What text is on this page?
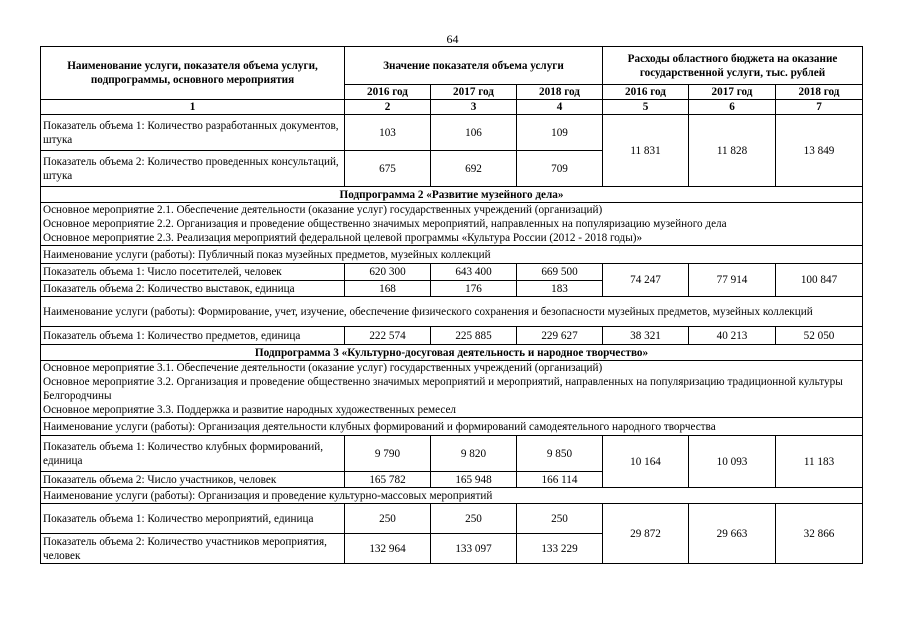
64
Наименование услуги, показателя объема услуги, подпрограммы, основного мероприятия	Значение показателя объема услуги			Расходы областного бюджета на оказание государственной услуги, тыс. рублей		
	2016 год	2017 год	2018 год	2016 год	2017 год	2018 год
1	2	3	4	5	6	7
Показатель объема 1: Количество разработанных документов, штука	103	106	109	11 831	11 828	13 849
Показатель объема 2: Количество проведенных консультаций, штука	675	692	709			
Подпрограмма 2 «Развитие музейного дела»						

Основное мероприятие 2.1. Обеспечение деятельности (оказание услуг) государственных учреждений (организаций)
Основное мероприятие 2.2. Организация и проведение общественно значимых мероприятий, направленных на популяризацию музейного дела
Основное мероприятие 2.3. Реализация мероприятий федеральной целевой программы «Культура России (2012 - 2018 годы)»						

Наименование услуги (работы): Публичный показ музейных предметов, музейных коллекций						
Показатель объема 1: Число посетителей, человек	620 300	643 400	669 500	74 247	77 914	100 847
Показатель объема 2: Количество выставок, единица	168	176	183			
Наименование услуги (работы): Формирование, учет, изучение, обеспечение физического сохранения и безопасности музейных предметов, музейных коллекций						
Показатель объема 1: Количество предметов, единица	222 574	225 885	229 627	38 321	40 213	52 050
Подпрограмма 3 «Культурно-досуговая деятельность и народное творчество»						

Основное мероприятие 3.1. Обеспечение деятельности (оказание услуг) государственных учреждений (организаций)
Основное мероприятие 3.2. Организация и проведение общественно значимых мероприятий и мероприятий, направленных на популяризацию традиционной культуры Белгородчины
Основное мероприятие 3.3. Поддержка и развитие народных художественных ремесел						

Наименование услуги (работы): Организация деятельности клубных формирований и формирований самодеятельного народного творчества						
Показатель объема 1: Количество клубных формирований, единица	9 790	9 820	9 850	10 164	10 093	11 183
Показатель объема 2: Число участников, человек	165 782	165 948	166 114			
Наименование услуги (работы): Организация и проведение культурно-массовых мероприятий						
Показатель объема 1: Количество мероприятий, единица	250	250	250	29 872	29 663	32 866
Показатель объема 2: Количество участников мероприятия, человек	132 964	133 097	133 229			
